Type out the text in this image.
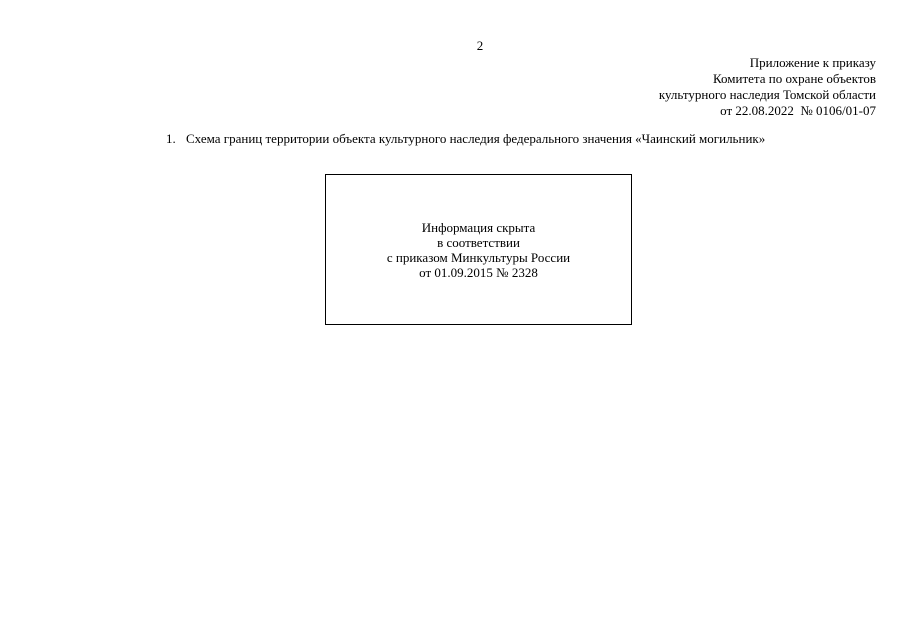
2
Приложение к приказу
Комитета по охране объектов
культурного наследия Томской области
от 22.08.2022  № 0106/01-07
1. Схема границ территории объекта культурного наследия федерального значения «Чаинский могильник»
Информация скрыта
в соответствии
с приказом Минкультуры России
от 01.09.2015 № 2328
